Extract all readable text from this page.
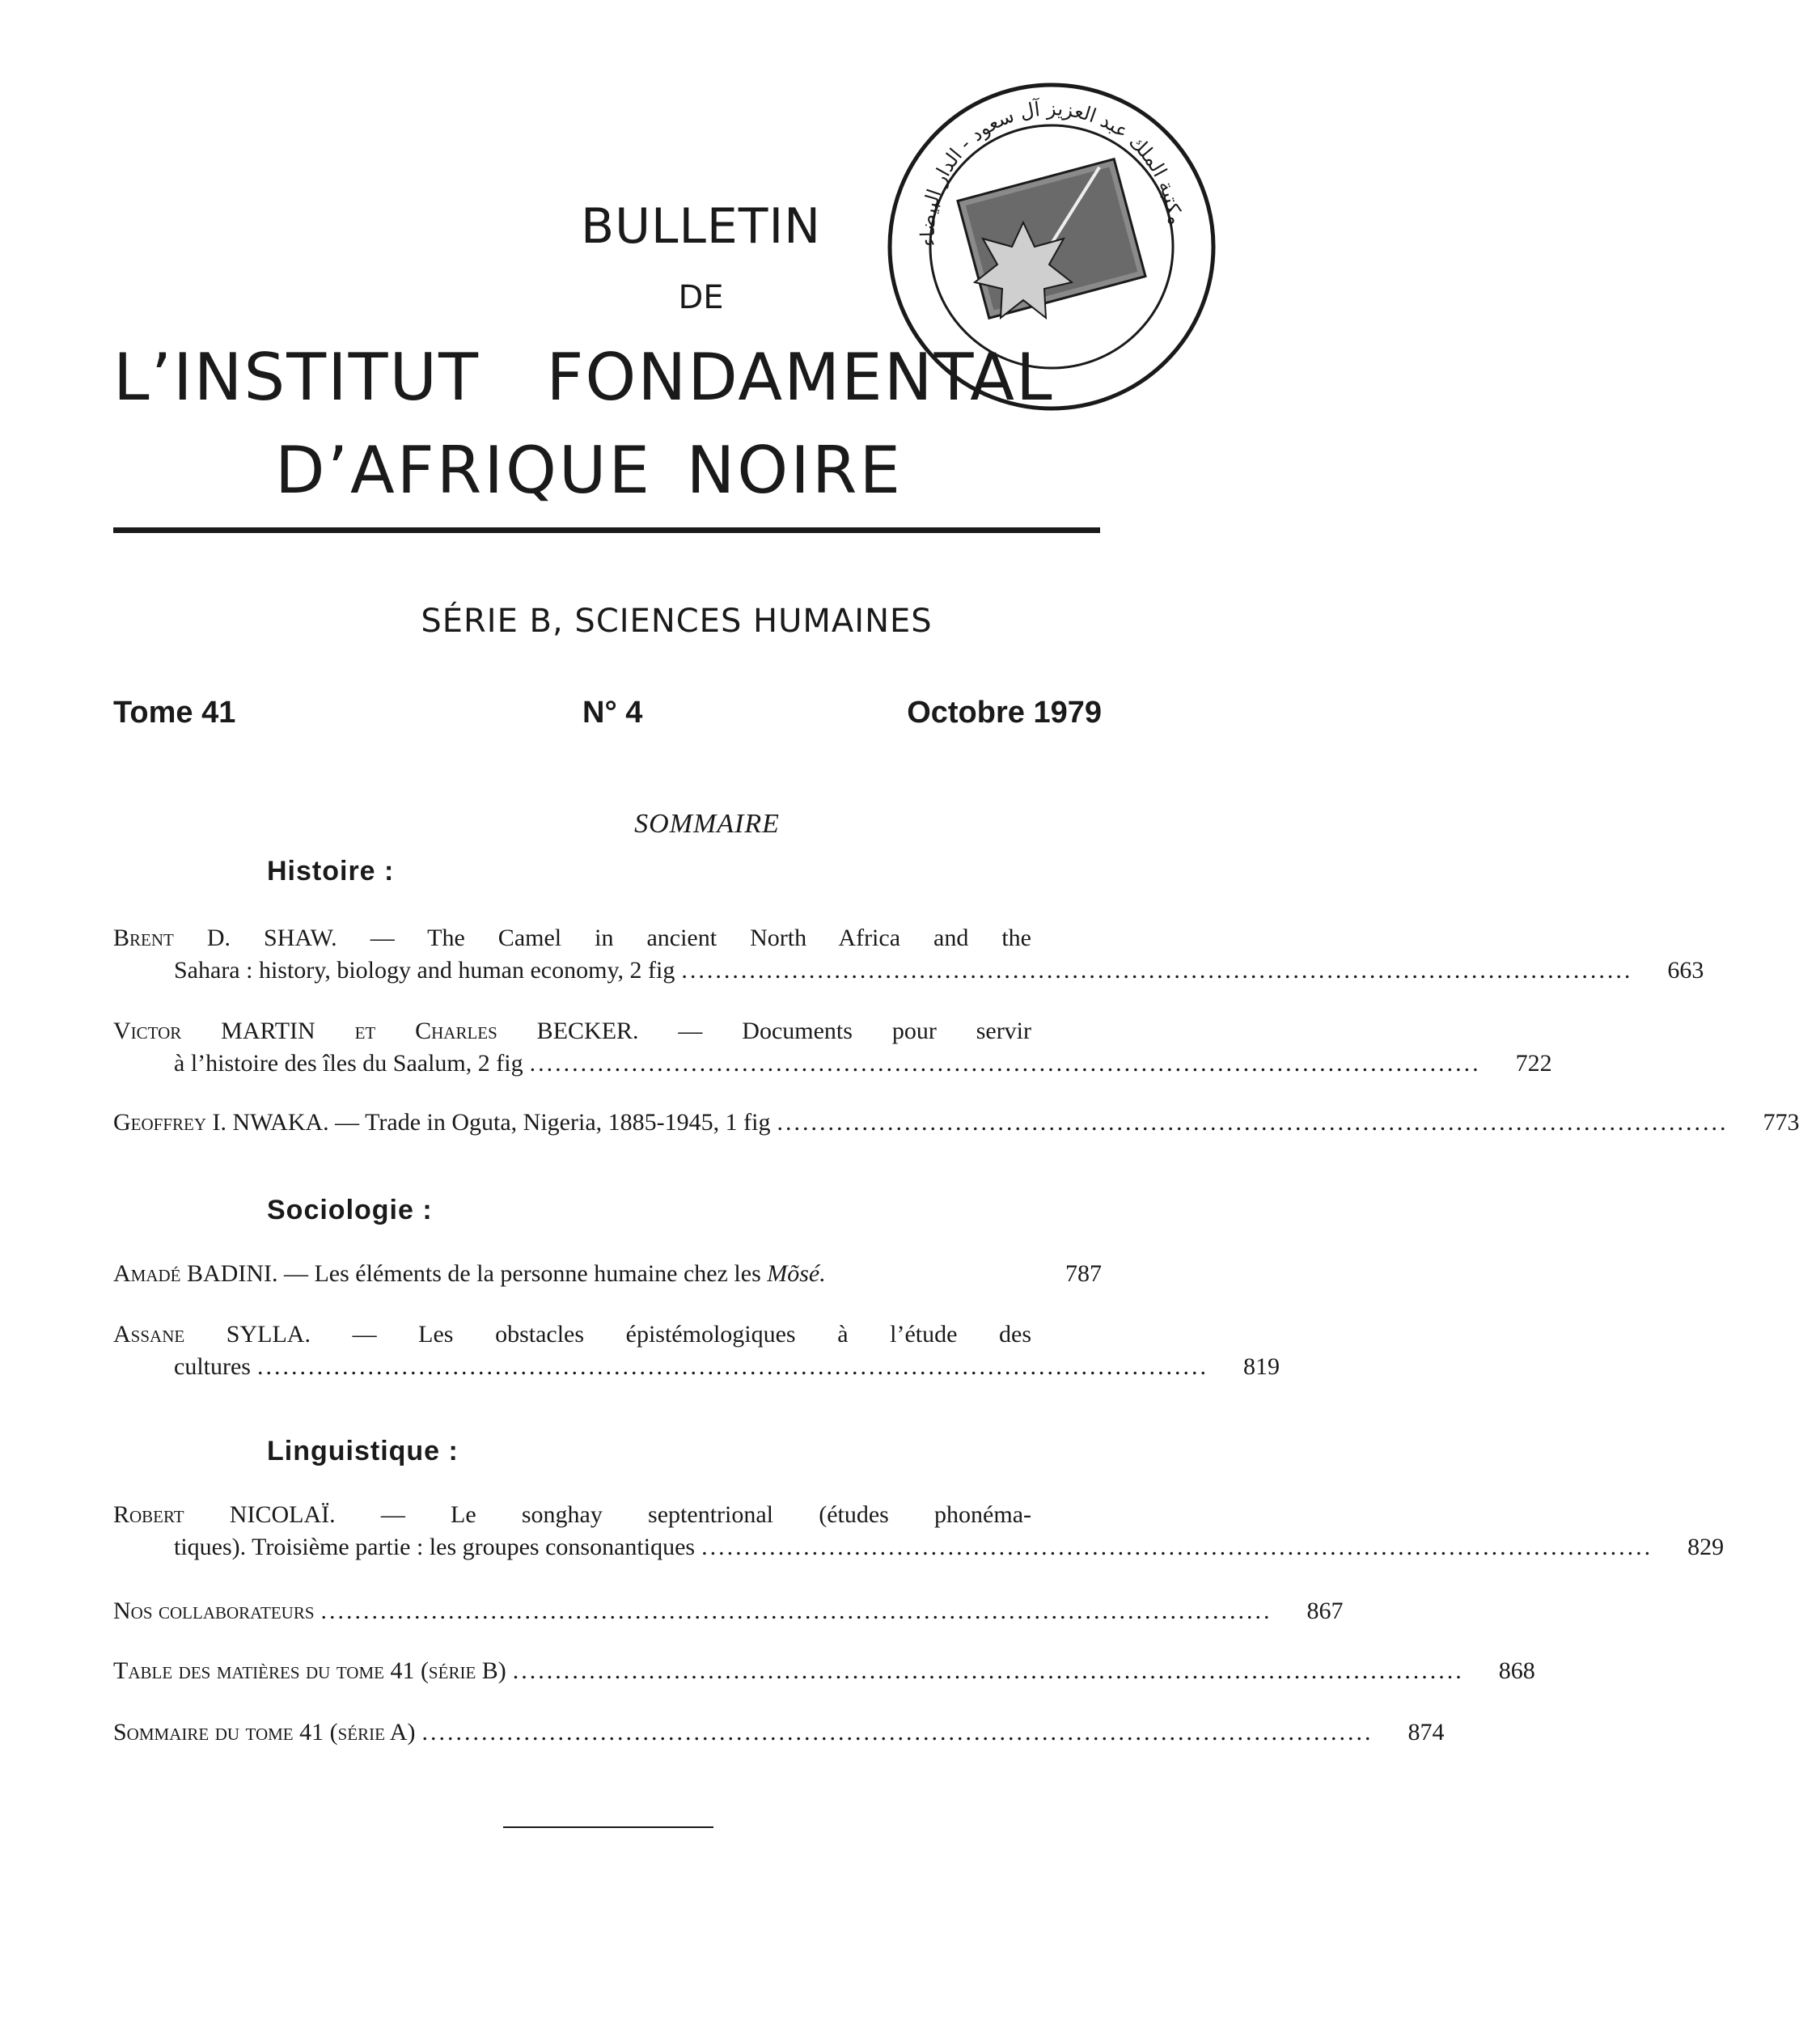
BULLETIN
DE
L’INSTITUT FONDAMENTAL
D’AFRIQUE NOIRE
SÉRIE B, SCIENCES HUMAINES
Tome 41	N° 4	Octobre 1979
SOMMAIRE
Histoire :
Brent D. SHAW. — The Camel in ancient North Africa and the
Sahara : history, biology and human economy, 2 fig ................................................................................................................	663
Victor MARTIN et Charles BECKER. — Documents pour servir
à l’histoire des îles du Saalum, 2 fig ................................................................................................................	722
Geoffrey I. NWAKA. — Trade in Oguta, Nigeria, 1885-1945, 1 fig ................................................................................................................	773
Sociologie :
Amadé BADINI. — Les éléments de la personne humaine chez les Mõsé.	787
Assane SYLLA. — Les obstacles épistémologiques à l’étude des
cultures ................................................................................................................	819
Linguistique :
Robert NICOLAÏ. — Le songhay septentrional (études phonéma-
tiques). Troisième partie : les groupes consonantiques ................................................................................................................	829
Nos collaborateurs ................................................................................................................	867
Table des matières du tome 41 (série B) ................................................................................................................	868
Sommaire du tome 41 (série A) ................................................................................................................	874
مكتبة الملك عبد العزيز آل سعود - الدار البيضاء
